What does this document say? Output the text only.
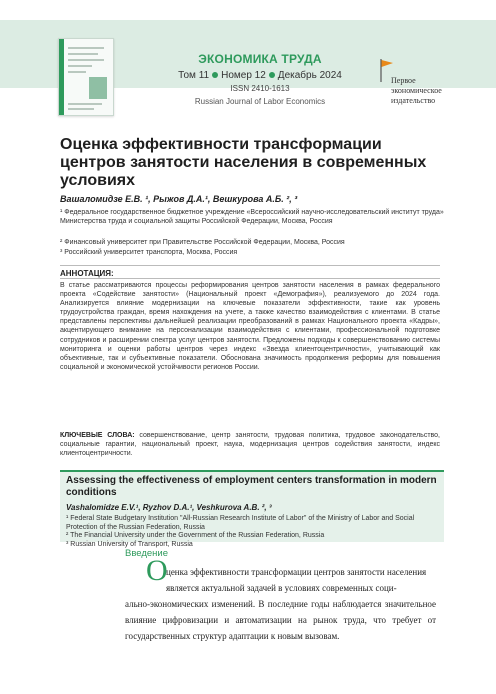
ЭКОНОМИКА ТРУДА
Том 11 Номер 12 Декабрь 2024
ISSN 2410-1613
Russian Journal of Labor Economics
Первое
экономическое
издательство
Оценка эффективности трансформации центров занятости населения в современных условиях
Вашаломидзе Е.В. ¹, Рыжов Д.А.¹, Вешкурова А.Б. ², ³
¹ Федеральное государственное бюджетное учреждение «Всероссийский научно-исследовательский институт труда» Министерства труда и социальной защиты Российской Федерации, Москва, Россия
² Финансовый университет при Правительстве Российской Федерации, Москва, Россия
³ Российский университет транспорта, Москва, Россия
АННОТАЦИЯ:
В статье рассматриваются процессы реформирования центров занятости населения в рамках федерального проекта «Содействие занятости» (Национальный проект «Демография»), реализуемого до 2024 года. Анализируется влияние модернизации на ключевые показатели эффективности, такие как уровень трудоустройства граждан, время нахождения на учете, а также качество взаимодействия с клиентами. В статье представлены перспективы дальнейшей реализации преобразований в рамках Национального проекта «Кадры», акцентирующего внимание на персонализации взаимодействия с клиентами, профессиональной подготовке сотрудников и расширении спектра услуг центров занятости. Предложены подходы к совершенствованию системы мониторинга и оценки работы центров через индекс «Звезда клиентоцентричности», учитывающий как объективные, так и субъективные показатели. Обоснована значимость продолжения реформы для повышения социальной и экономической устойчивости регионов России.
КЛЮЧЕВЫЕ СЛОВА: совершенствование, центр занятости, трудовая политика, трудовое законодательство, социальные гарантии, национальный проект, наука, модернизация центров содействия занятости, индекс клиентоцентричности.
Assessing the effectiveness of employment centers transformation in modern conditions
Vashalomidze E.V.¹, Ryzhov D.A.¹, Veshkurova A.B. ², ³
¹ Federal State Budgetary Institution "All-Russian Research Institute of Labor" of the Ministry of Labor and Social Protection of the Russian Federation, Russia
² The Financial University under the Government of the Russian Federation, Russia
³ Russian University of Transport, Russia
Введение
О
ценка эффективности трансформации центров занятости населения является актуальной задачей в условиях современных соци-
ально-экономических изменений. В последние годы наблюдается значительное влияние цифровизации и автоматизации на рынок труда, что требует от государственных структур адаптации к новым вызовам.
